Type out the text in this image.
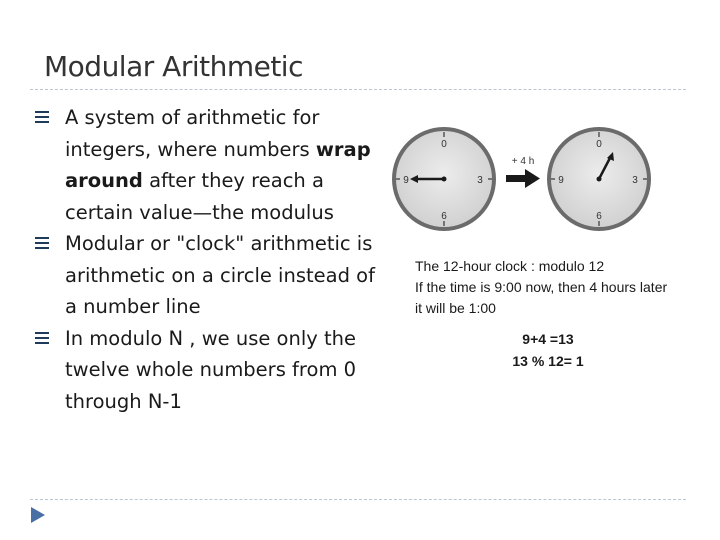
Modular Arithmetic
A system of arithmetic for integers, where numbers wrap around after they reach a certain value—the modulus
Modular or "clock" arithmetic is arithmetic on a circle instead of a number line
In modulo N , we use only the twelve whole numbers from 0 through N-1
0
3
6
9
+ 4 h
0
3
6
9

The 12-hour clock : modulo 12

If the time is 9:00 now, then 4 hours later it will be 1:00

9+4 =13

13 % 12= 1
